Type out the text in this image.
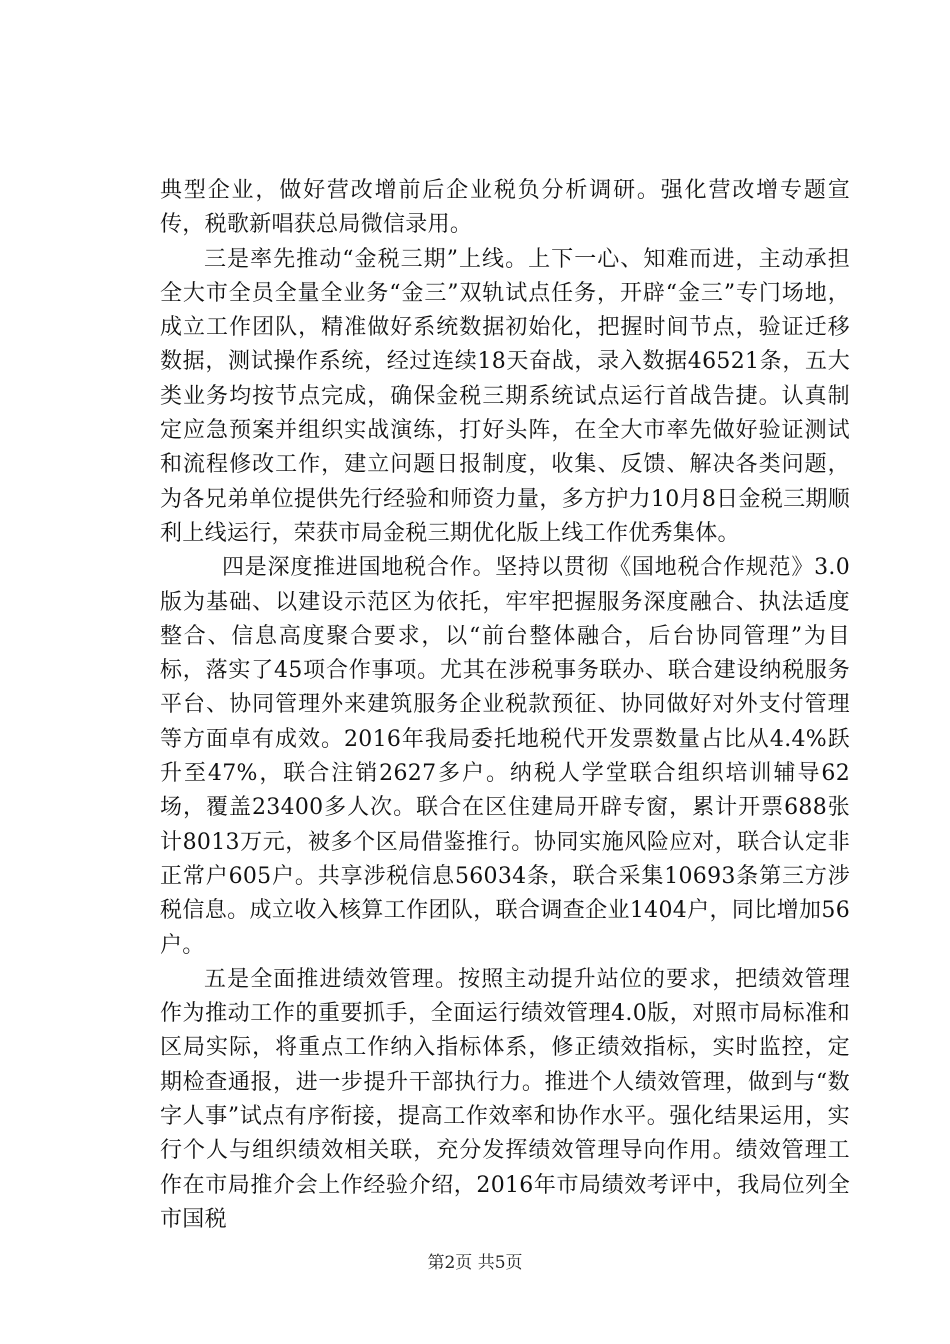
典型企业，做好营改增前后企业税负分析调研。强化营改增专题宣传，税歌新唱获总局微信录用。

三是率先推动“金税三期”上线。上下一心、知难而进，主动承担全大市全员全量全业务“金三”双轨试点任务，开辟“金三”专门场地，成立工作团队，精准做好系统数据初始化，把握时间节点，验证迁移数据，测试操作系统，经过连续18天奋战，录入数据46521条，五大类业务均按节点完成，确保金税三期系统试点运行首战告捷。认真制定应急预案并组织实战演练，打好头阵，在全大市率先做好验证测试和流程修改工作，建立问题日报制度，收集、反馈、解决各类问题，为各兄弟单位提供先行经验和师资力量，多方护力10月8日金税三期顺利上线运行，荣获市局金税三期优化版上线工作优秀集体。

四是深度推进国地税合作。坚持以贯彻《国地税合作规范》3.0版为基础、以建设示范区为依托，牢牢把握服务深度融合、执法适度整合、信息高度聚合要求，以“前台整体融合，后台协同管理”为目标，落实了45项合作事项。尤其在涉税事务联办、联合建设纳税服务平台、协同管理外来建筑服务企业税款预征、协同做好对外支付管理等方面卓有成效。2016年我局委托地税代开发票数量占比从4.4%跃升至47%，联合注销2627多户。纳税人学堂联合组织培训辅导62场，覆盖23400多人次。联合在区住建局开辟专窗，累计开票688张计8013万元，被多个区局借鉴推行。协同实施风险应对，联合认定非正常户605户。共享涉税信息56034条，联合采集10693条第三方涉税信息。成立收入核算工作团队，联合调查企业1404户，同比增加56户。

五是全面推进绩效管理。按照主动提升站位的要求，把绩效管理作为推动工作的重要抓手，全面运行绩效管理4.0版，对照市局标准和区局实际，将重点工作纳入指标体系，修正绩效指标，实时监控，定期检查通报，进一步提升干部执行力。推进个人绩效管理，做到与“数字人事”试点有序衔接，提高工作效率和协作水平。强化结果运用，实行个人与组织绩效相关联，充分发挥绩效管理导向作用。绩效管理工作在市局推介会上作经验介绍，2016年市局绩效考评中，我局位列全市国税

第2页 共5页
